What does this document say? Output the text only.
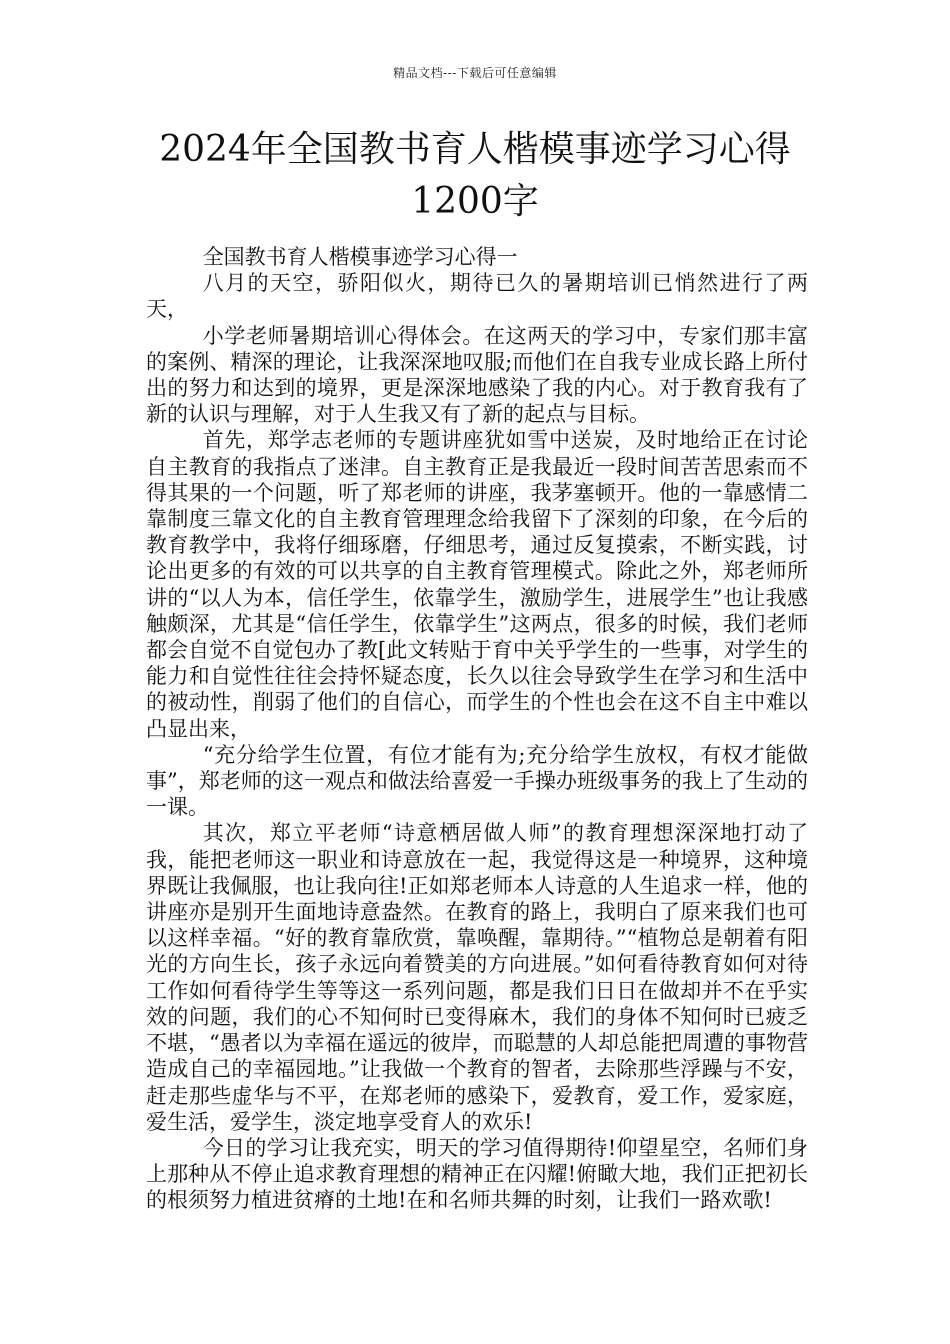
精品文档---下载后可任意编辑
2024年全国教书育人楷模事迹学习心得
1200字

全国教书育人楷模事迹学习心得一

八月的天空，骄阳似火，期待已久的暑期培训已悄然进行了两天，

小学老师暑期培训心得体会。在这两天的学习中，专家们那丰富的案例、精深的理论，让我深深地叹服;而他们在自我专业成长路上所付出的努力和达到的境界，更是深深地感染了我的内心。对于教育我有了新的认识与理解，对于人生我又有了新的起点与目标。

首先，郑学志老师的专题讲座犹如雪中送炭，及时地给正在讨论自主教育的我指点了迷津。自主教育正是我最近一段时间苦苦思索而不得其果的一个问题，听了郑老师的讲座，我茅塞顿开。他的一靠感情二靠制度三靠文化的自主教育管理理念给我留下了深刻的印象，在今后的教育教学中，我将仔细琢磨，仔细思考，通过反复摸索，不断实践，讨论出更多的有效的可以共享的自主教育管理模式。除此之外，郑老师所讲的“以人为本，信任学生，依靠学生，激励学生，进展学生”也让我感触颇深，尤其是“信任学生，依靠学生”这两点，很多的时候，我们老师都会自觉不自觉包办了教[此文转贴于育中关乎学生的一些事，对学生的能力和自觉性往往会持怀疑态度，长久以往会导致学生在学习和生活中的被动性，削弱了他们的自信心，而学生的个性也会在这不自主中难以凸显出来，

“充分给学生位置，有位才能有为;充分给学生放权，有权才能做事”，郑老师的这一观点和做法给喜爱一手操办班级事务的我上了生动的一课。

其次，郑立平老师“诗意栖居做人师”的教育理想深深地打动了我，能把老师这一职业和诗意放在一起，我觉得这是一种境界，这种境界既让我佩服，也让我向往!正如郑老师本人诗意的人生追求一样，他的讲座亦是别开生面地诗意盎然。在教育的路上，我明白了原来我们也可以这样幸福。“好的教育靠欣赏，靠唤醒，靠期待。”“植物总是朝着有阳光的方向生长，孩子永远向着赞美的方向进展。”如何看待教育如何对待工作如何看待学生等等这一系列问题，都是我们日日在做却并不在乎实效的问题，我们的心不知何时已变得麻木，我们的身体不知何时已疲乏不堪，“愚者以为幸福在遥远的彼岸，而聪慧的人却总能把周遭的事物营造成自己的幸福园地。”让我做一个教育的智者，去除那些浮躁与不安，赶走那些虚华与不平，在郑老师的感染下，爱教育，爱工作，爱家庭，爱生活，爱学生，淡定地享受育人的欢乐!

今日的学习让我充实，明天的学习值得期待!仰望星空，名师们身上那种从不停止追求教育理想的精神正在闪耀!俯瞰大地，我们正把初长的根须努力植进贫瘠的土地!在和名师共舞的时刻，让我们一路欢歌!
